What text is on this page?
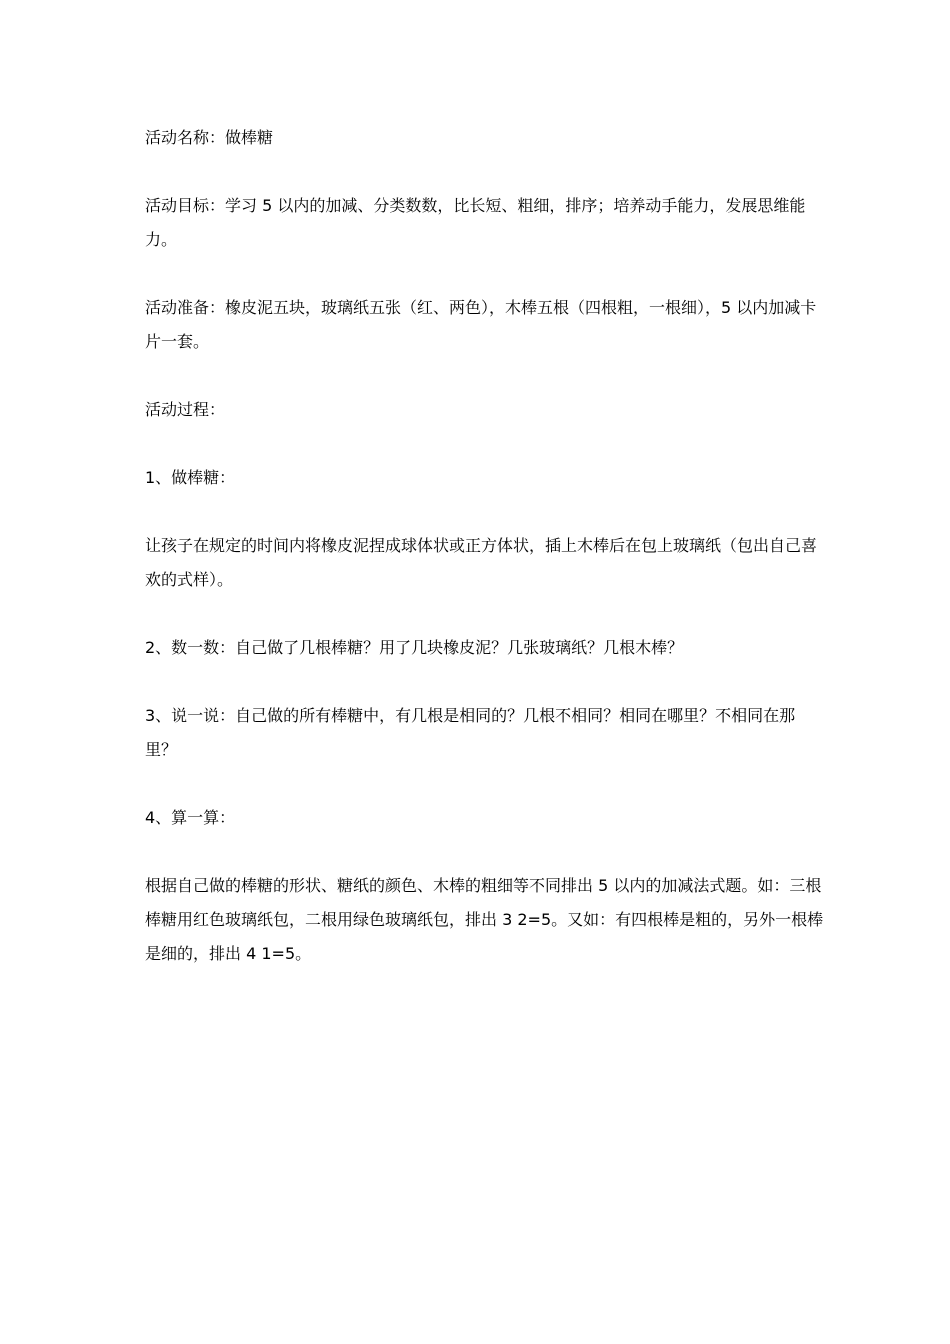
活动名称：做棒糖

活动目标：学习 5 以内的加减、分类数数，比长短、粗细，排序；培养动手能力，发展思维能力。

活动准备：橡皮泥五块，玻璃纸五张（红、两色），木棒五根（四根粗，一根细），5 以内加减卡片一套。

活动过程：

1、做棒糖：

让孩子在规定的时间内将橡皮泥捏成球体状或正方体状，插上木棒后在包上玻璃纸（包出自己喜欢的式样）。

2、数一数：自己做了几根棒糖？用了几块橡皮泥？几张玻璃纸？几根木棒？

3、说一说：自己做的所有棒糖中，有几根是相同的？几根不相同？相同在哪里？不相同在那里？

4、算一算：

根据自己做的棒糖的形状、糖纸的颜色、木棒的粗细等不同排出 5 以内的加减法式题。如：三根棒糖用红色玻璃纸包，二根用绿色玻璃纸包，排出 3 2=5。又如：有四根棒是粗的，另外一根棒是细的，排出 4 1=5。
